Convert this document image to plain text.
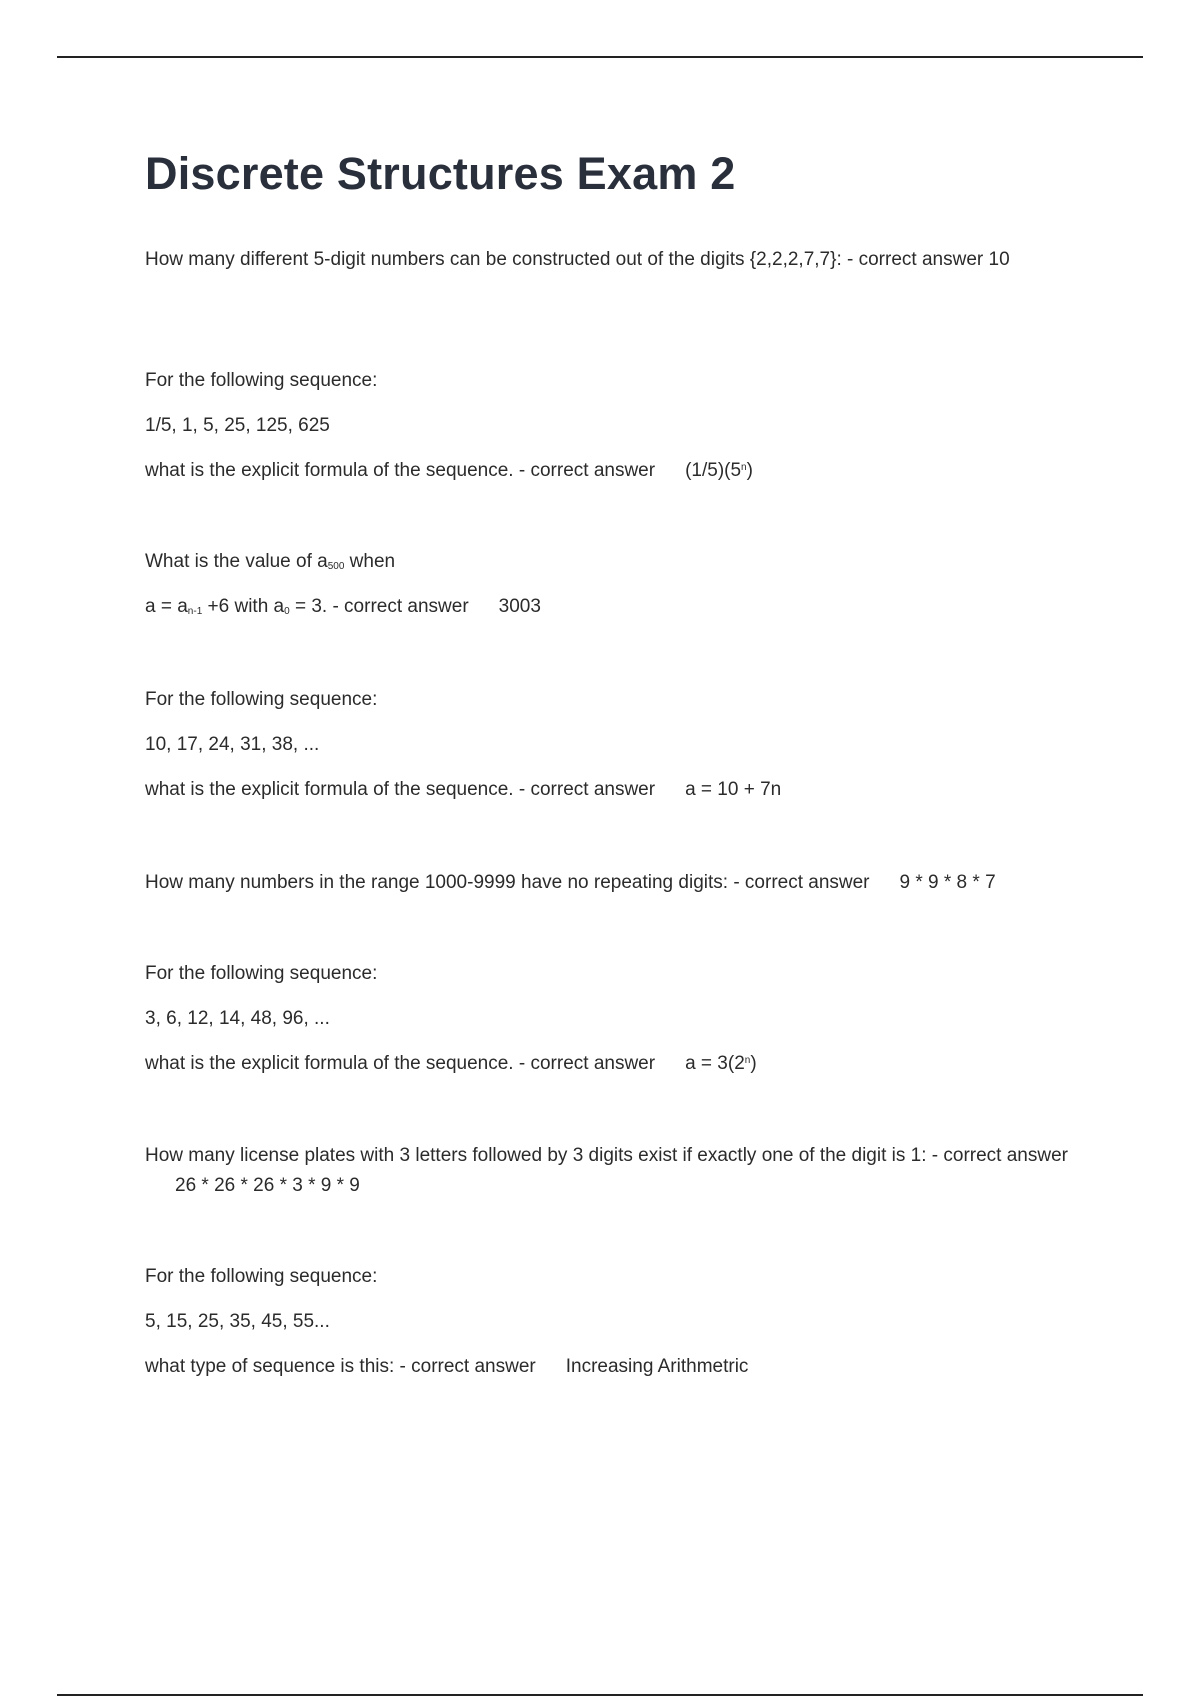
Discrete Structures Exam 2

How many different 5-digit numbers can be constructed out of the digits {2,2,2,7,7}: - correct answer 10

For the following sequence:

1/5, 1, 5, 25, 125, 625

what is the explicit formula of the sequence. - correct answer (1/5)(5$^n$)

What is the value of $a_{500}$ when

$a = a_{n-1} +6$ with $a_0 = 3$. - correct answer 3003

For the following sequence:

10, 17, 24, 31, 38, ...

what is the explicit formula of the sequence. - correct answer a = 10 + 7n

How many numbers in the range 1000-9999 have no repeating digits: - correct answer 9 * 9 * 8 * 7

For the following sequence:

3, 6, 12, 14, 48, 96, ...

what is the explicit formula of the sequence. - correct answer $a = 3(2^n)$

How many license plates with 3 letters followed by 3 digits exist if exactly one of the digit is 1: - correct answer26 * 26 * 26 * 3 * 9 * 9

For the following sequence:

5, 15, 25, 35, 45, 55...

what type of sequence is this: - correct answer Increasing Arithmetric
